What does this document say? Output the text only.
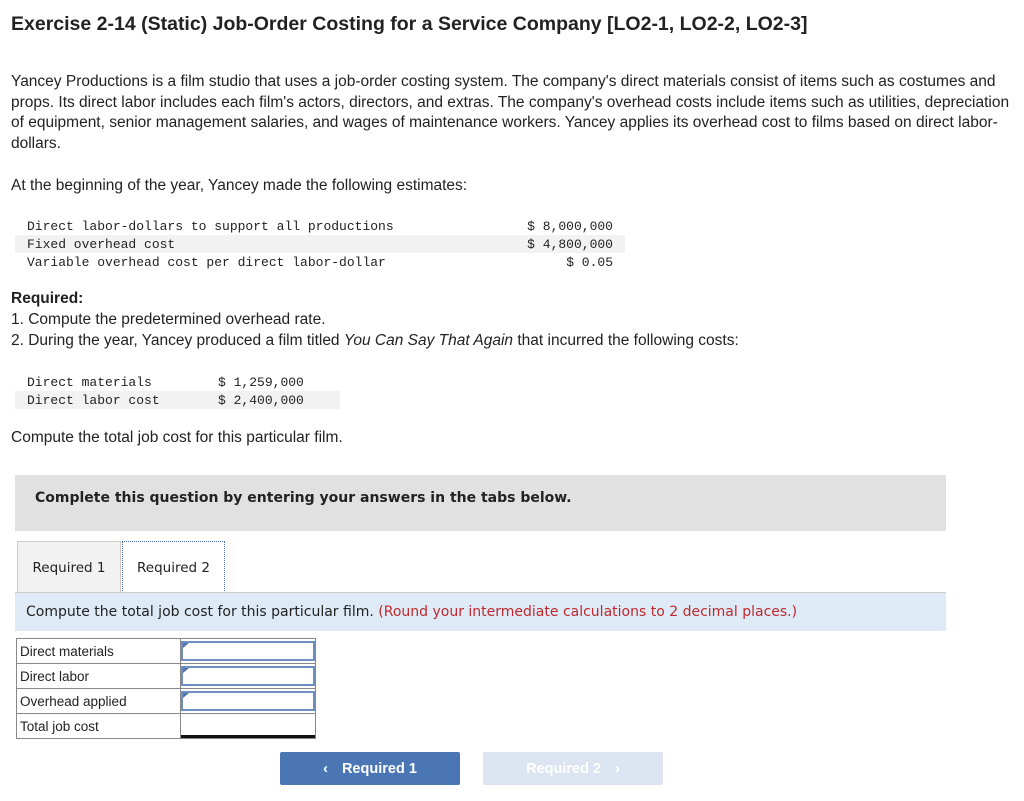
Exercise 2-14 (Static) Job-Order Costing for a Service Company [LO2-1, LO2-2, LO2-3]
Yancey Productions is a film studio that uses a job-order costing system. The company's direct materials consist of items such as costumes and props. Its direct labor includes each film's actors, directors, and extras. The company's overhead costs include items such as utilities, depreciation of equipment, senior management salaries, and wages of maintenance workers. Yancey applies its overhead cost to films based on direct labor-dollars.
At the beginning of the year, Yancey made the following estimates:
Direct labor-dollars to support all productions	$ 8,000,000
Fixed overhead cost	$ 4,800,000
Variable overhead cost per direct labor-dollar	$ 0.05
Required:
1. Compute the predetermined overhead rate.
2. During the year, Yancey produced a film titled You Can Say That Again that incurred the following costs:
Direct materials	$ 1,259,000
Direct labor cost	$ 2,400,000
Compute the total job cost for this particular film.
Complete this question by entering your answers in the tabs below.
Required 1	Required 2
Compute the total job cost for this particular film. (Round your intermediate calculations to 2 decimal places.)
Direct materials	

Direct labor	

Overhead applied	

Total job cost	
‹ Required 1	Required 2 ›
